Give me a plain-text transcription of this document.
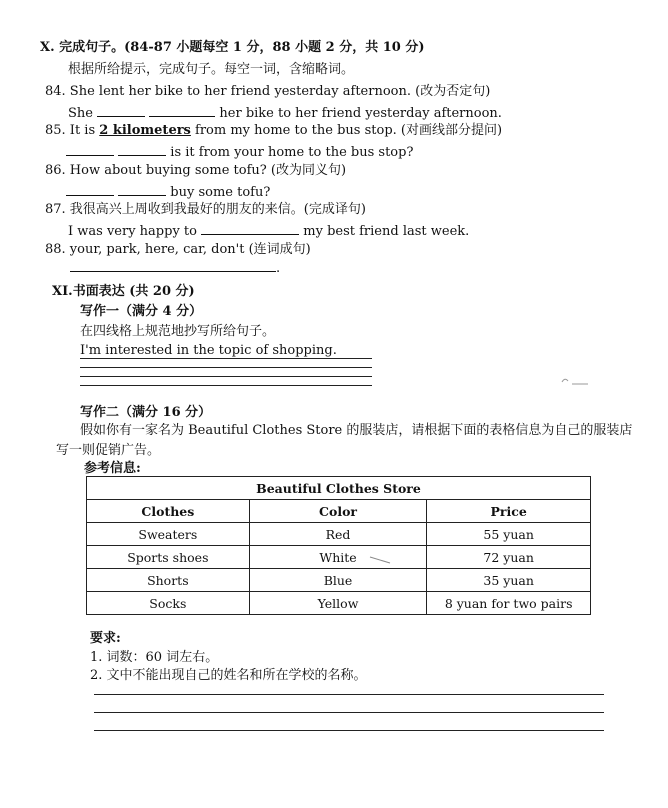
X. 完成句子。(84-87 小题每空 1 分，88 小题 2 分，共 10 分)
根据所给提示，完成句子。每空一词，含缩略词。
84. She lent her bike to her friend yesterday afternoon. (改为否定句)
She	her bike to her friend yesterday afternoon.
85. It is 2 kilometers from my home to the bus stop. (对画线部分提问)
is it from your home to the bus stop?
86. How about buying some tofu? (改为同义句)
buy some tofu?
87. 我很高兴上周收到我最好的朋友的来信。(完成译句)
I was very happy to	my best friend last week.
88. your, park, here, car, don't (连词成句)
.
XI.书面表达 (共 20 分)
写作一（满分 4 分）
在四线格上规范地抄写所给句子。
I'm interested in the topic of shopping.
写作二（满分 16 分）
假如你有一家名为 Beautiful Clothes Store 的服装店，请根据下面的表格信息为自己的服装店
写一则促销广告。
参考信息:
Beautiful Clothes Store		
Clothes	Color	Price
Sweaters	Red	55 yuan
Sports shoes	White	72 yuan
Shorts	Blue	35 yuan
Socks	Yellow	8 yuan for two pairs
要求:
1. 词数：60 词左右。
2. 文中不能出现自己的姓名和所在学校的名称。
